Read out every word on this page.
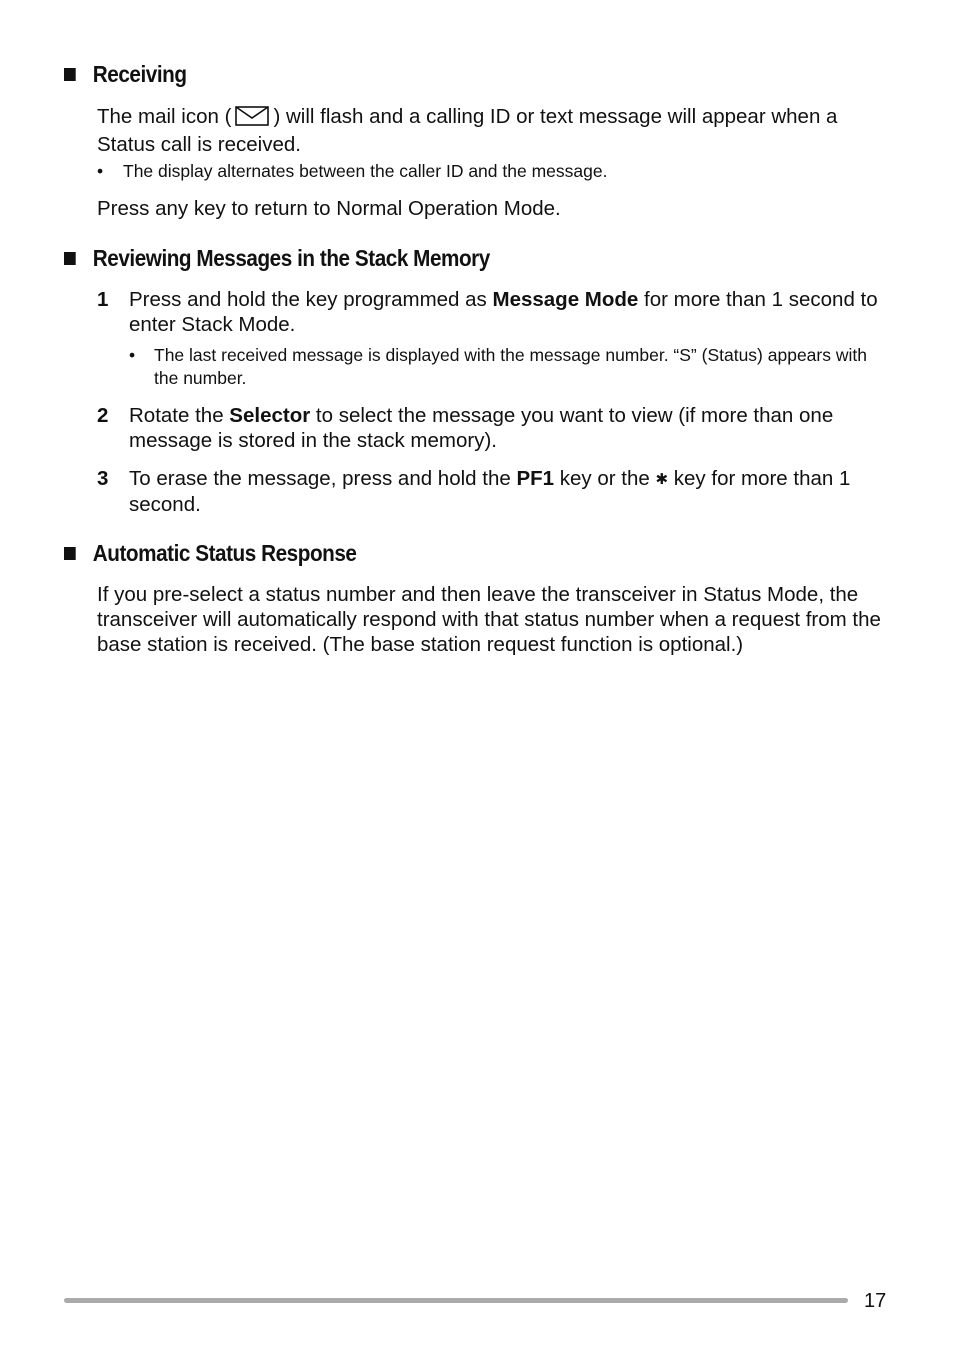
Receiving
The mail icon ( ) will flash and a calling ID or text message will appear when a Status call is received.
• The display alternates between the caller ID and the message.
Press any key to return to Normal Operation Mode.
Reviewing Messages in the Stack Memory
1 Press and hold the key programmed as Message Mode for more than 1 second to enter Stack Mode.
• The last received message is displayed with the message number. “S” (Status) appears with the number.
2 Rotate the Selector to select the message you want to view (if more than one message is stored in the stack memory).
3 To erase the message, press and hold the PF1 key or the ✱ key for more than 1 second.
Automatic Status Response
If you pre-select a status number and then leave the transceiver in Status Mode, the transceiver will automatically respond with that status number when a request from the base station is received. (The base station request function is optional.)
17
